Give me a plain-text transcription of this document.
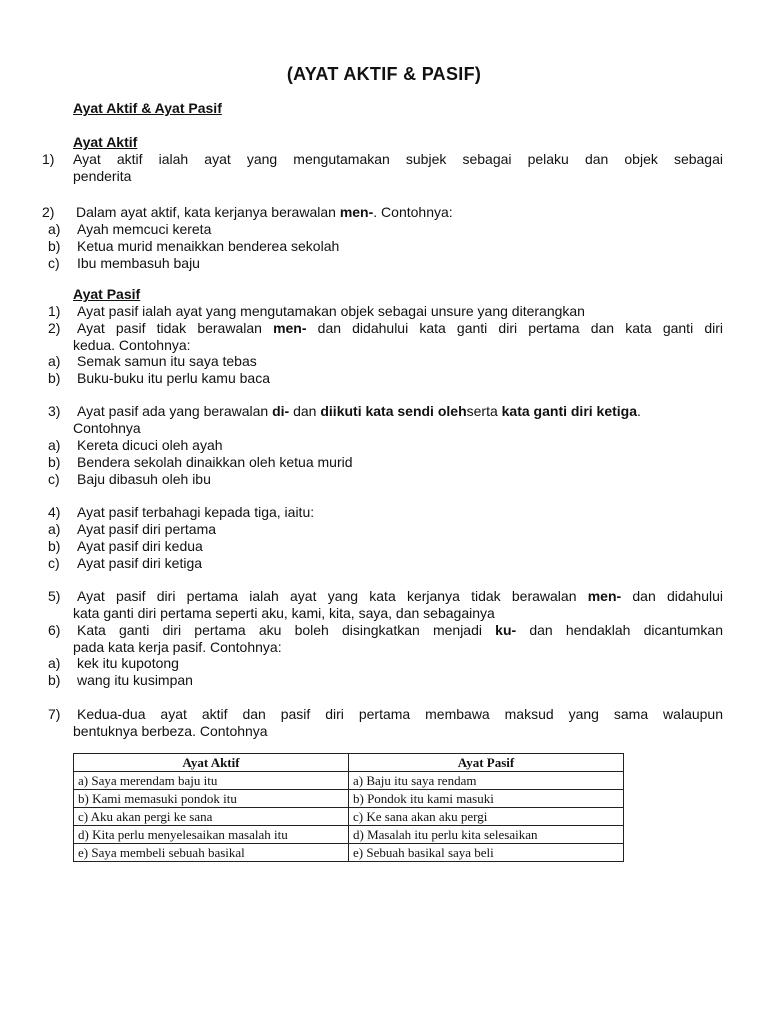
(AYAT AKTIF & PASIF)
Ayat Aktif & Ayat Pasif
Ayat Aktif
1) Ayat aktif ialah ayat yang mengutamakan subjek sebagai pelaku dan objek sebagai
penderita
2) Dalam ayat aktif, kata kerjanya berawalan men-. Contohnya:
a) Ayah memcuci kereta
b) Ketua murid menaikkan benderea sekolah
c) Ibu membasuh baju
Ayat Pasif
1) Ayat pasif ialah ayat yang mengutamakan objek sebagai unsure yang diterangkan
2) Ayat pasif tidak berawalan men- dan didahului kata ganti diri pertama dan kata ganti diri
kedua. Contohnya:
a) Semak samun itu saya tebas
b) Buku-buku itu perlu kamu baca
3) Ayat pasif ada yang berawalan di- dan diikuti kata sendi olehserta kata ganti diri ketiga.
Contohnya
a) Kereta dicuci oleh ayah
b) Bendera sekolah dinaikkan oleh ketua murid
c) Baju dibasuh oleh ibu
4) Ayat pasif terbahagi kepada tiga, iaitu:
a) Ayat pasif diri pertama
b) Ayat pasif diri kedua
c) Ayat pasif diri ketiga
5) Ayat pasif diri pertama ialah ayat yang kata kerjanya tidak berawalan men- dan didahului
kata ganti diri pertama seperti aku, kami, kita, saya, dan sebagainya
6) Kata ganti diri pertama aku boleh disingkatkan menjadi ku- dan hendaklah dicantumkan
pada kata kerja pasif. Contohnya:
a) kek itu kupotong
b) wang itu kusimpan
7) Kedua-dua ayat aktif dan pasif diri pertama membawa maksud yang sama walaupun
bentuknya berbeza. Contohnya
Ayat Aktif	Ayat Pasif
a) Saya merendam baju itu	a) Baju itu saya rendam
b) Kami memasuki pondok itu	b) Pondok itu kami masuki
c) Aku akan pergi ke sana	c) Ke sana akan aku pergi
d) Kita perlu menyelesaikan masalah itu	d) Masalah itu perlu kita selesaikan
e) Saya membeli sebuah basikal	e) Sebuah basikal saya beli
